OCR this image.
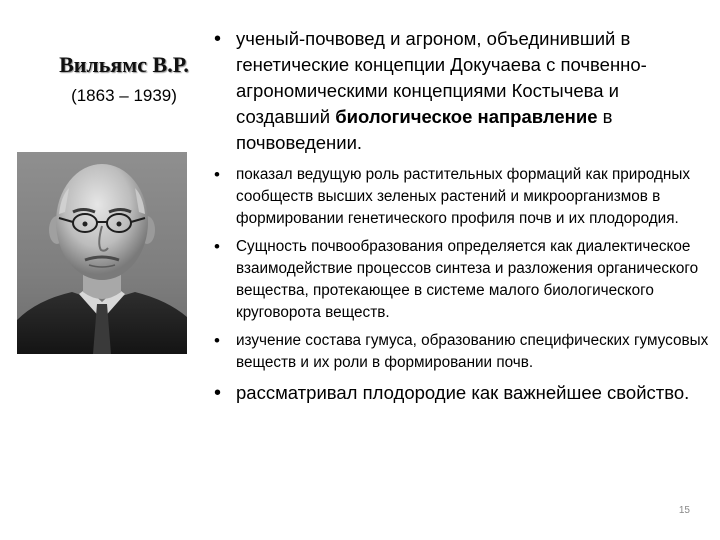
Вильямс В.Р.
(1863 – 1939)
• ученый-почвовед и агроном, объединивший в генетические концепции Докучаева с почвенно-агрономическими концепциями Костычева и создавший биологическое направление в почвоведении.
• показал ведущую роль растительных формаций как природных сообществ высших зеленых растений и микроорганизмов в формировании генетического профиля почв и их плодородия.
• Сущность почвообразования определяется как диалектическое взаимодействие процессов синтеза и разложения органического вещества, протекающее в системе малого биологического круговорота веществ.
• изучение состава гумуса, образованию специфических гумусовых веществ и их роли в формировании почв.
• рассматривал плодородие как важнейшее свойство.
15
